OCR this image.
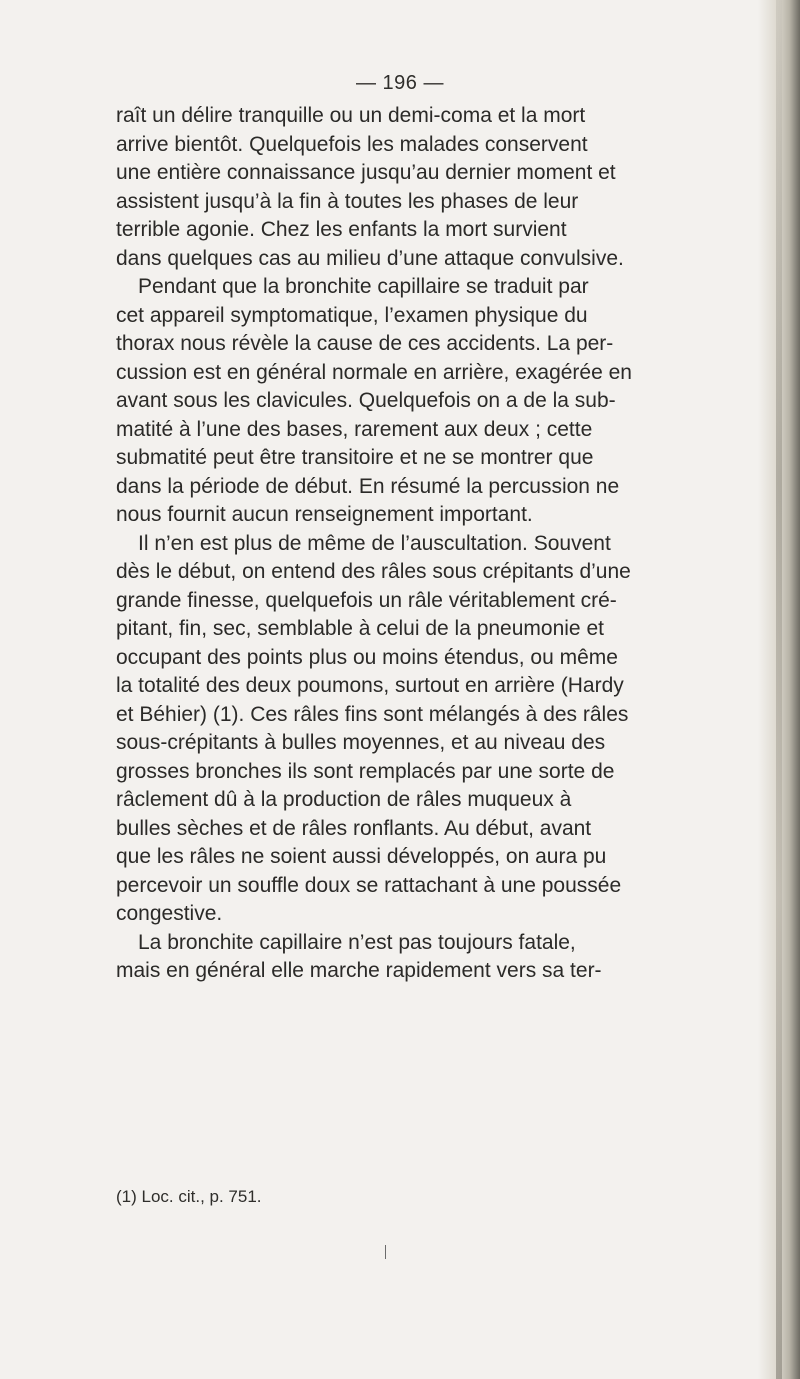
— 196 —
raît un délire tranquille ou un demi-coma et la mort
arrive bientôt. Quelquefois les malades conservent
une entière connaissance jusqu’au dernier moment et
assistent jusqu’à la fin à toutes les phases de leur
terrible agonie. Chez les enfants la mort survient
dans quelques cas au milieu d’une attaque convulsive.
Pendant que la bronchite capillaire se traduit par
cet appareil symptomatique, l’examen physique du
thorax nous révèle la cause de ces accidents. La per-
cussion est en général normale en arrière, exagérée en
avant sous les clavicules. Quelquefois on a de la sub-
matité à l’une des bases, rarement aux deux ; cette
submatité peut être transitoire et ne se montrer que
dans la période de début. En résumé la percussion ne
nous fournit aucun renseignement important.
Il n’en est plus de même de l’auscultation. Souvent
dès le début, on entend des râles sous crépitants d’une
grande finesse, quelquefois un râle véritablement cré-
pitant, fin, sec, semblable à celui de la pneumonie et
occupant des points plus ou moins étendus, ou même
la totalité des deux poumons, surtout en arrière (Hardy
et Béhier) (1). Ces râles fins sont mélangés à des râles
sous-crépitants à bulles moyennes, et au niveau des
grosses bronches ils sont remplacés par une sorte de
râclement dû à la production de râles muqueux à
bulles sèches et de râles ronflants. Au début, avant
que les râles ne soient aussi développés, on aura pu
percevoir un souffle doux se rattachant à une poussée
congestive.
La bronchite capillaire n’est pas toujours fatale,
mais en général elle marche rapidement vers sa ter-
(1) Loc. cit., p. 751.
